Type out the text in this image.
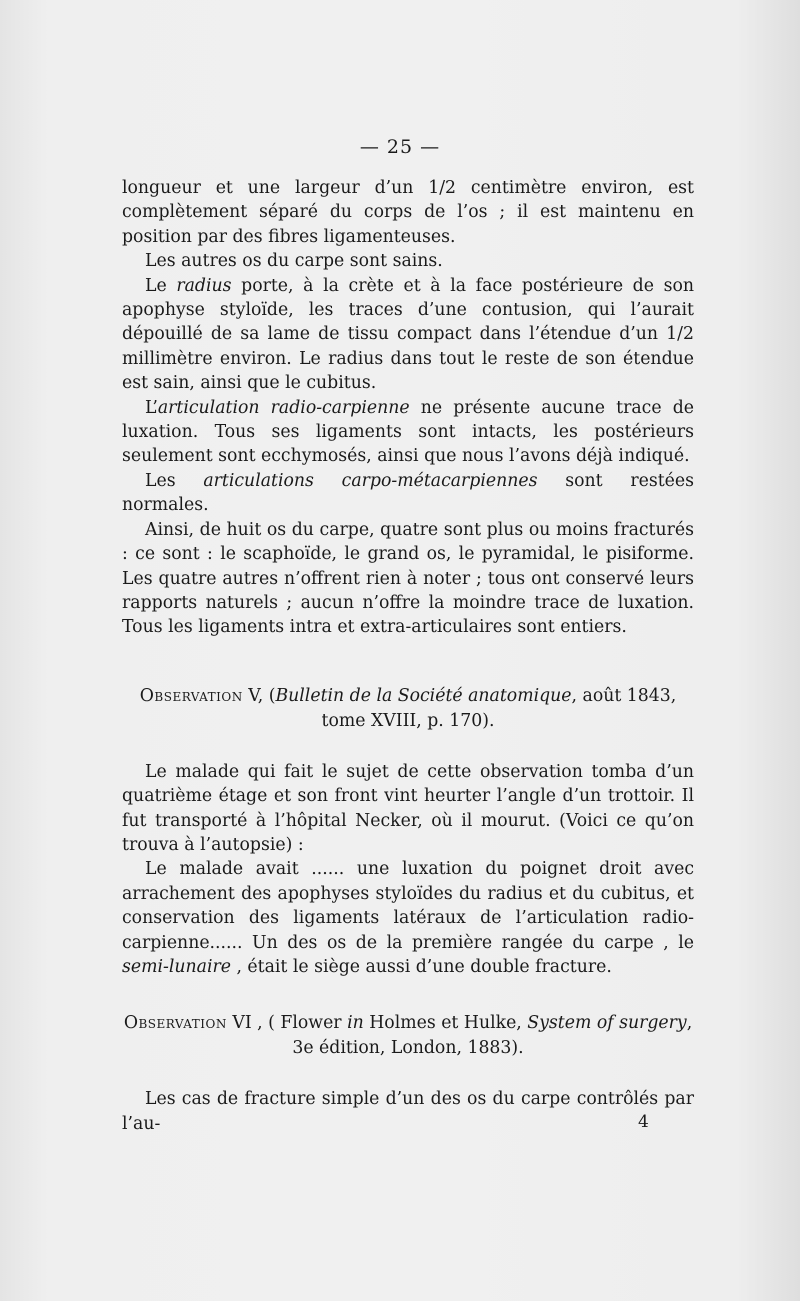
— 25 —

longueur et une largeur d’un 1/2 centimètre environ, est complètement séparé du corps de l’os ; il est maintenu en position par des fibres ligamenteuses.

Les autres os du carpe sont sains.

Le radius porte, à la crète et à la face postérieure de son apophyse styloïde, les traces d’une contusion, qui l’aurait dépouillé de sa lame de tissu compact dans l’étendue d’un 1/2 millimètre environ. Le radius dans tout le reste de son étendue est sain, ainsi que le cubitus.

L’articulation radio-carpienne ne présente aucune trace de luxation. Tous ses ligaments sont intacts, les postérieurs seulement sont ecchymosés, ainsi que nous l’avons déjà indiqué.

Les articulations carpo-métacarpiennes sont restées normales.

Ainsi, de huit os du carpe, quatre sont plus ou moins fracturés : ce sont : le scaphoïde, le grand os, le pyramidal, le pisiforme. Les quatre autres n’offrent rien à noter ; tous ont conservé leurs rapports naturels ; aucun n’offre la moindre trace de luxation. Tous les ligaments intra et extra-articulaires sont entiers.

Observation V, (Bulletin de la Société anatomique, août 1843, tome XVIII, p. 170).

Le malade qui fait le sujet de cette observation tomba d’un quatrième étage et son front vint heurter l’angle d’un trottoir. Il fut transporté à l’hôpital Necker, où il mourut. (Voici ce qu’on trouva à l’autopsie) :

Le malade avait ...... une luxation du poignet droit avec arrachement des apophyses styloïdes du radius et du cubitus, et conservation des ligaments latéraux de l’articulation radio-carpienne...... Un des os de la première rangée du carpe , le semi-lunaire , était le siège aussi d’une double fracture.

Observation VI , ( Flower in Holmes et Hulke, System of surgery, 3e édition, London, 1883).

Les cas de fracture simple d’un des os du carpe contrôlés par l’au-	4
